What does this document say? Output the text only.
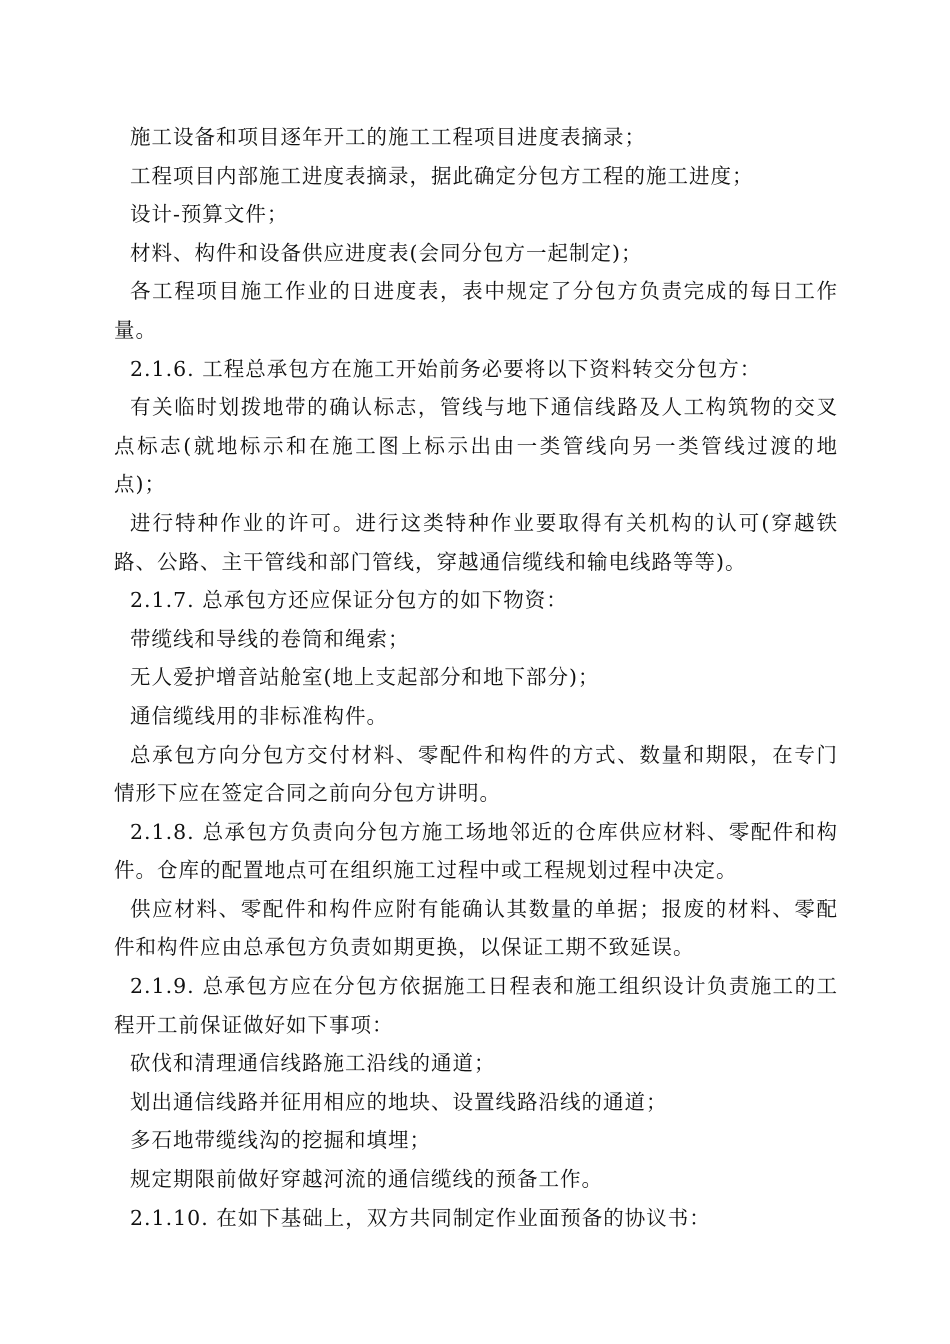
施工设备和项目逐年开工的施工工程项目进度表摘录；

工程项目内部施工进度表摘录，据此确定分包方工程的施工进度；

设计-预算文件；

材料、构件和设备供应进度表(会同分包方一起制定)；

各工程项目施工作业的日进度表，表中规定了分包方负责完成的每日工作量。

2.1.6. 工程总承包方在施工开始前务必要将以下资料转交分包方：

有关临时划拨地带的确认标志，管线与地下通信线路及人工构筑物的交叉点标志(就地标示和在施工图上标示出由一类管线向另一类管线过渡的地点)；

进行特种作业的许可。进行这类特种作业要取得有关机构的认可(穿越铁路、公路、主干管线和部门管线，穿越通信缆线和输电线路等等)。

2.1.7. 总承包方还应保证分包方的如下物资：

带缆线和导线的卷筒和绳索；

无人爱护增音站舱室(地上支起部分和地下部分)；

通信缆线用的非标准构件。

总承包方向分包方交付材料、零配件和构件的方式、数量和期限，在专门情形下应在签定合同之前向分包方讲明。

2.1.8. 总承包方负责向分包方施工场地邻近的仓库供应材料、零配件和构件。仓库的配置地点可在组织施工过程中或工程规划过程中决定。

供应材料、零配件和构件应附有能确认其数量的单据；报废的材料、零配件和构件应由总承包方负责如期更换，以保证工期不致延误。

2.1.9. 总承包方应在分包方依据施工日程表和施工组织设计负责施工的工程开工前保证做好如下事项：

砍伐和清理通信线路施工沿线的通道；

划出通信线路并征用相应的地块、设置线路沿线的通道；

多石地带缆线沟的挖掘和填埋；

规定期限前做好穿越河流的通信缆线的预备工作。

2.1.10. 在如下基础上，双方共同制定作业面预备的协议书：
